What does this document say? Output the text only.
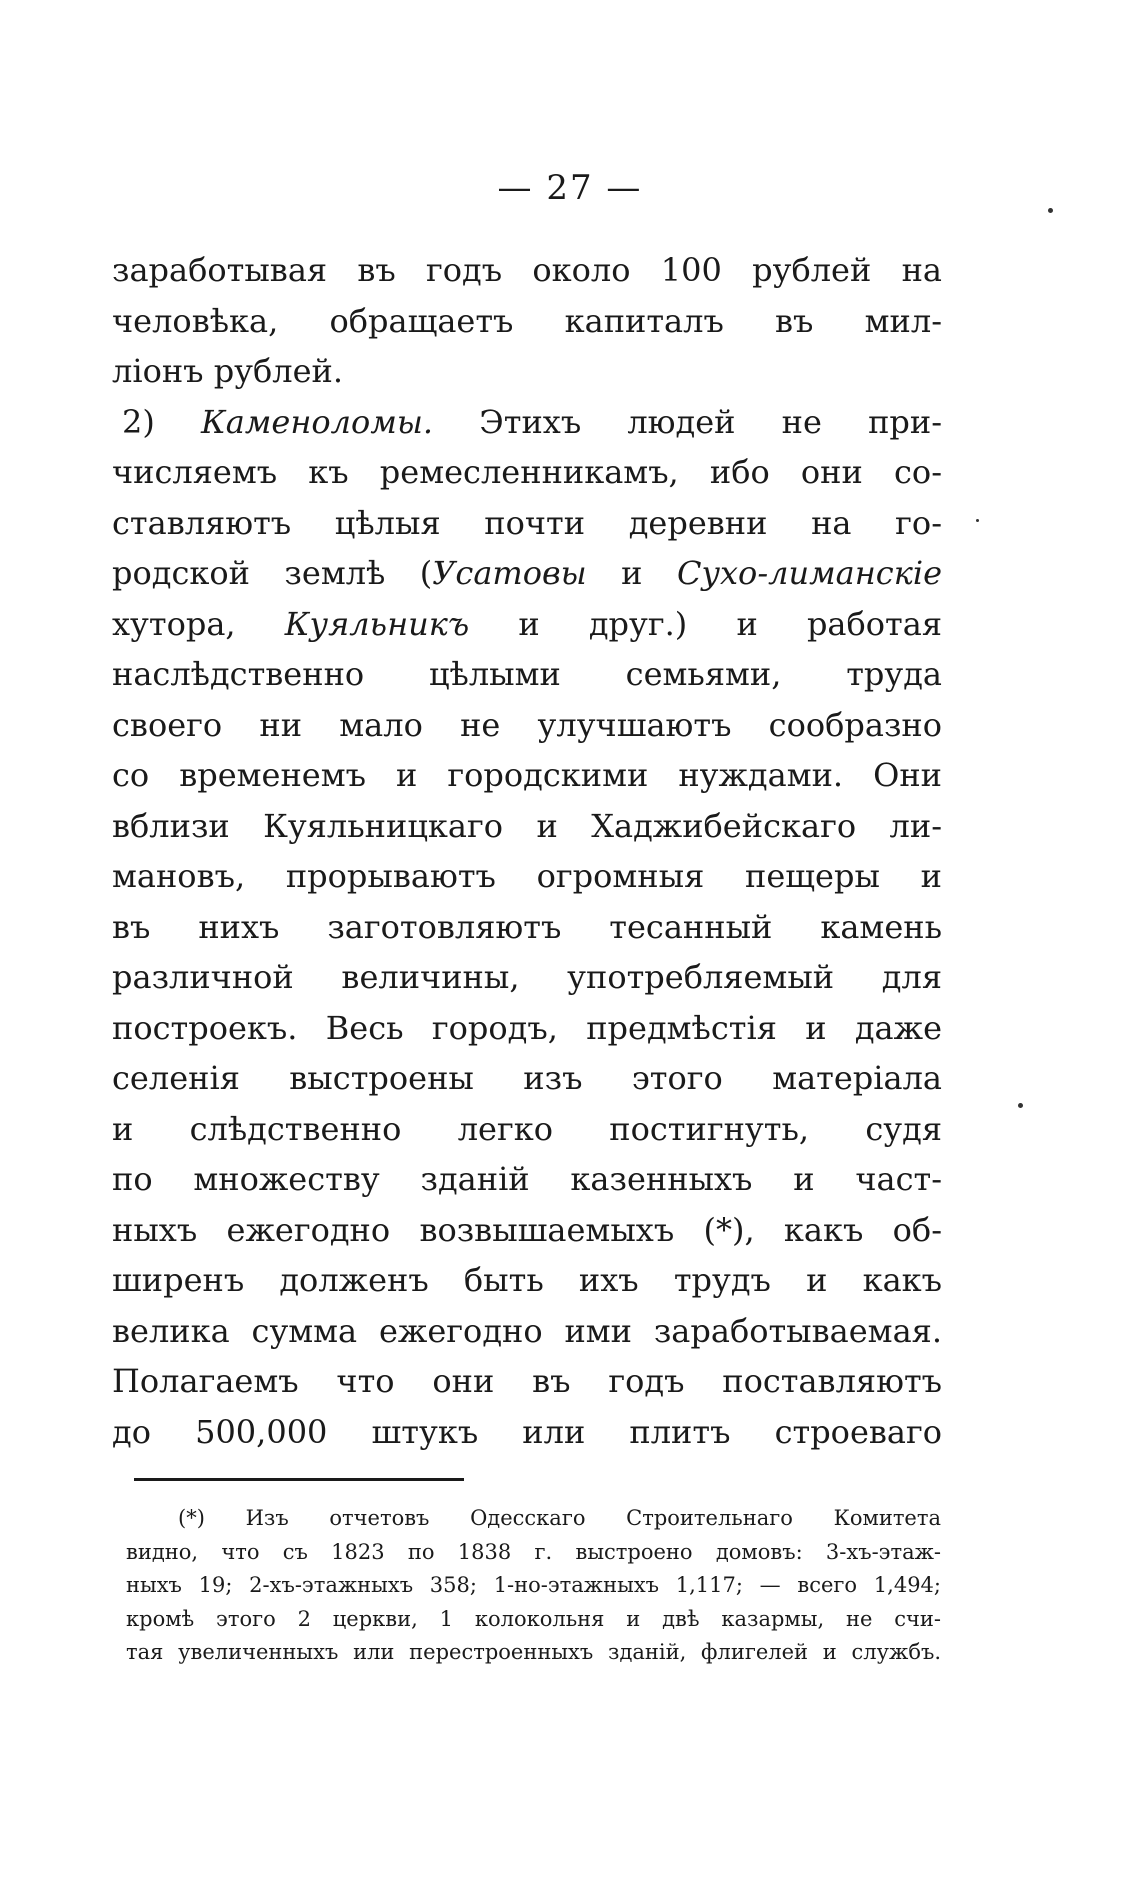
— 27 —
заработывая въ годъ около 100 рублей на
человѣка, обращаетъ капиталъ въ мил-
ліонъ рублей.
2) Каменоломы. Этихъ людей не при-
числяемъ къ ремесленникамъ, ибо они со-
ставляютъ цѣлыя почти деревни на го-
родской землѣ (Усатовы и Сухо-лиманскіе
хутора, Куяльникъ и друг.) и работая
наслѣдственно цѣлыми семьями, труда
своего ни мало не улучшаютъ сообразно
со временемъ и городскими нуждами. Они
вблизи Куяльницкаго и Хаджибейскаго ли-
мановъ, прорываютъ огромныя пещеры и
въ нихъ заготовляютъ тесанный камень
различной величины, употребляемый для
построекъ. Весь городъ, предмѣстія и даже
селенія выстроены изъ этого матеріала
и слѣдственно легко постигнуть, судя
по множеству зданій казенныхъ и част-
ныхъ ежегодно возвышаемыхъ (*), какъ об-
ширенъ долженъ быть ихъ трудъ и какъ
велика сумма ежегодно ими заработываемая.
Полагаемъ что они въ годъ поставляютъ
до 500,000 штукъ или плитъ строеваго
(*) Изъ отчетовъ Одесскаго Строительнаго Комитета
видно, что съ 1823 по 1838 г. выстроено домовъ: 3-хъ-этаж-
ныхъ 19; 2-хъ-этажныхъ 358; 1-но-этажныхъ 1,117; — всего 1,494;
кромѣ этого 2 церкви, 1 колокольня и двѣ казармы, не счи-
тая увеличенныхъ или перестроенныхъ зданій, флигелей и службъ.
